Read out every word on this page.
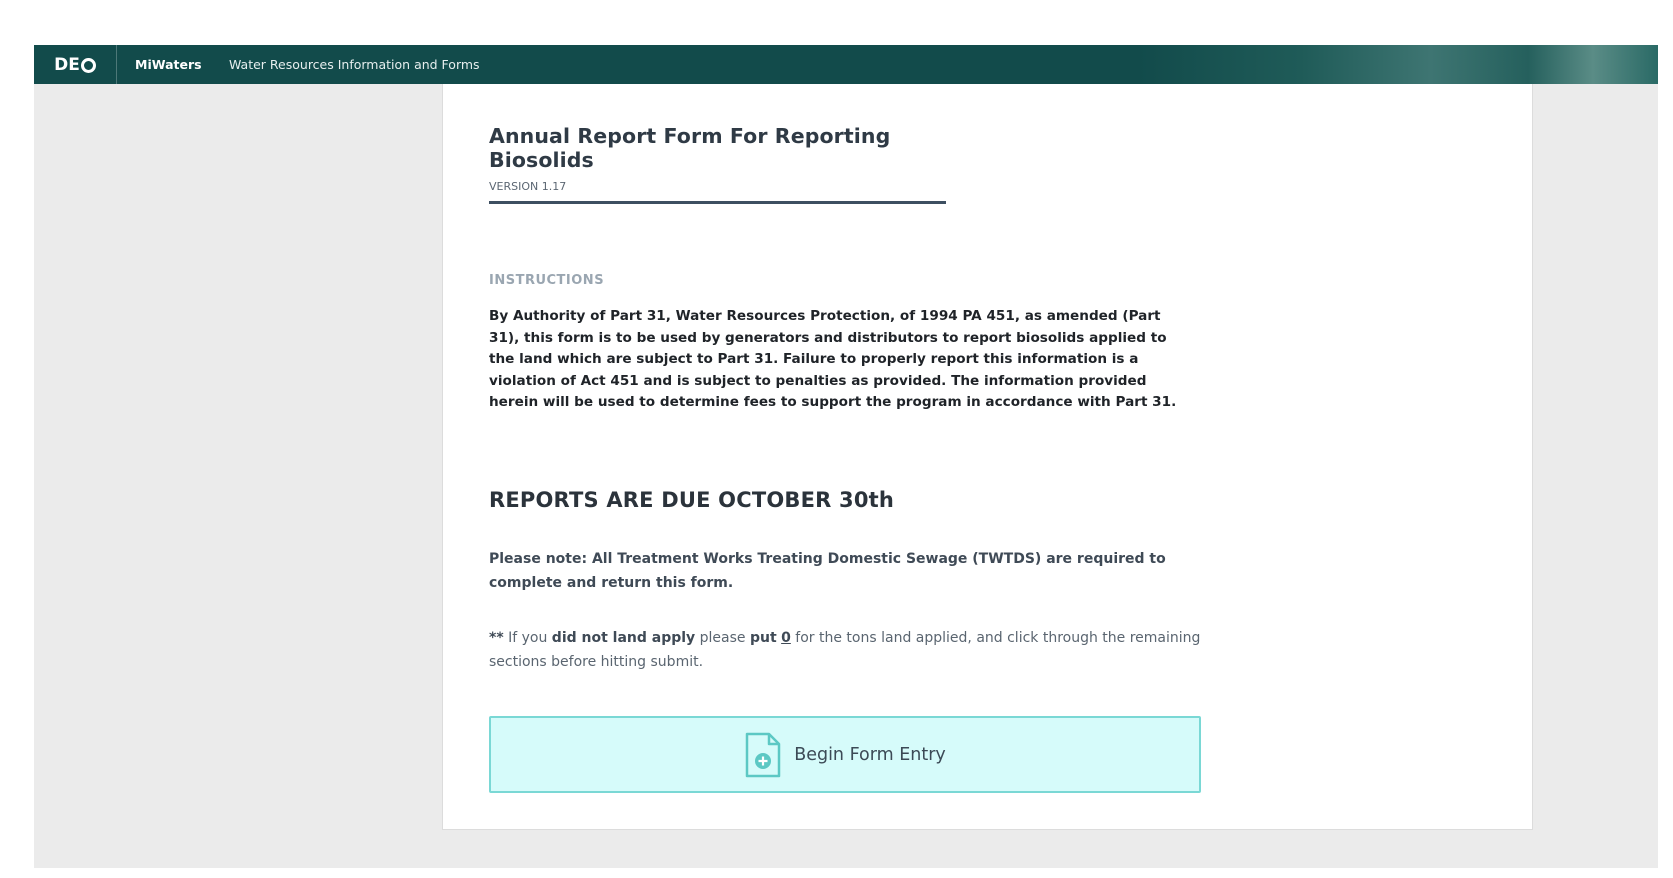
DE	MiWaters Water Resources Information and Forms
Annual Report Form For Reporting Biosolids
VERSION 1.17
INSTRUCTIONS

By Authority of Part 31, Water Resources Protection, of 1994 PA 451, as amended (Part 31), this form is to be used by generators and distributors to report biosolids applied to the land which are subject to Part 31. Failure to properly report this information is a violation of Act 451 and is subject to penalties as provided. The information provided herein will be used to determine fees to support the program in accordance with Part 31.

REPORTS ARE DUE OCTOBER 30th

Please note: All Treatment Works Treating Domestic Sewage (TWTDS) are required to complete and return this form.

** If you did not land apply please put 0 for the tons land applied, and click through the remaining sections before hitting submit.

Begin Form Entry
